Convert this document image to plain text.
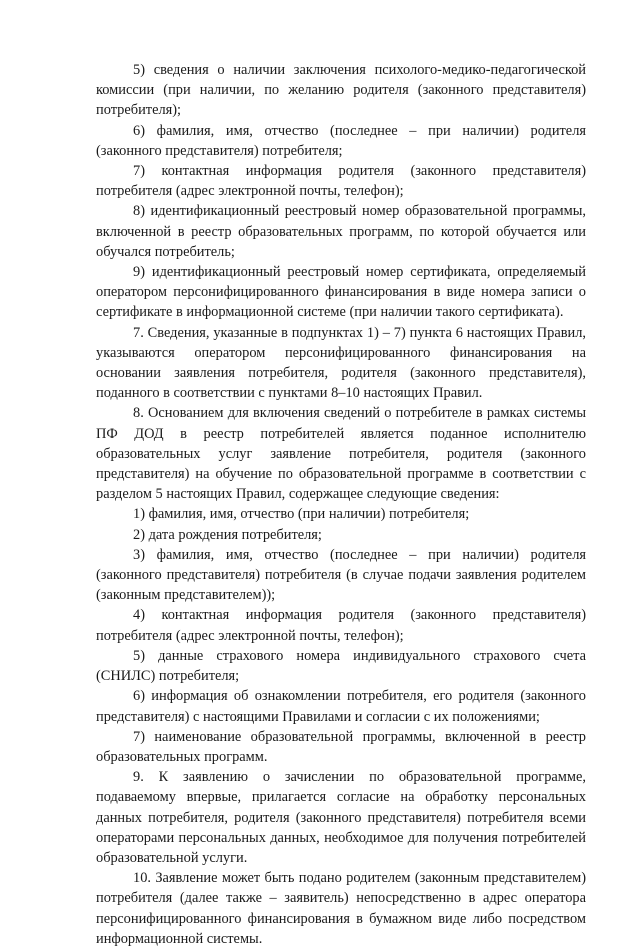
5) сведения о наличии заключения психолого-медико-педагогической комиссии (при наличии, по желанию родителя (законного представителя) потребителя);

6) фамилия, имя, отчество (последнее – при наличии) родителя (законного представителя) потребителя;

7) контактная информация родителя (законного представителя) потребителя (адрес электронной почты, телефон);

8) идентификационный реестровый номер образовательной программы, включенной в реестр образовательных программ, по которой обучается или обучался потребитель;

9) идентификационный реестровый номер сертификата, определяемый оператором персонифицированного финансирования в виде номера записи о сертификате в информационной системе (при наличии такого сертификата).

7. Сведения, указанные в подпунктах 1) – 7) пункта 6 настоящих Правил, указываются оператором персонифицированного финансирования на основании заявления потребителя, родителя (законного представителя), поданного в соответствии с пунктами 8–10 настоящих Правил.

8. Основанием для включения сведений о потребителе в рамках системы ПФ ДОД в реестр потребителей является поданное исполнителю образовательных услуг заявление потребителя, родителя (законного представителя) на обучение по образовательной программе в соответствии с разделом 5 настоящих Правил, содержащее следующие сведения:

1) фамилия, имя, отчество (при наличии) потребителя;

2) дата рождения потребителя;

3) фамилия, имя, отчество (последнее – при наличии) родителя (законного представителя) потребителя (в случае подачи заявления родителем (законным представителем));

4) контактная информация родителя (законного представителя) потребителя (адрес электронной почты, телефон);

5) данные страхового номера индивидуального страхового счета (СНИЛС) потребителя;

6) информация об ознакомлении потребителя, его родителя (законного представителя) с настоящими Правилами и согласии с их положениями;

7) наименование образовательной программы, включенной в реестр образовательных программ.

9. К заявлению о зачислении по образовательной программе, подаваемому впервые, прилагается согласие на обработку персональных данных потребителя, родителя (законного представителя) потребителя всеми операторами персональных данных, необходимое для получения потребителей образовательной услуги.

10. Заявление может быть подано родителем (законным представителем) потребителя (далее также – заявитель) непосредственно в адрес оператора персонифицированного финансирования в бумажном виде либо посредством информационной системы.
